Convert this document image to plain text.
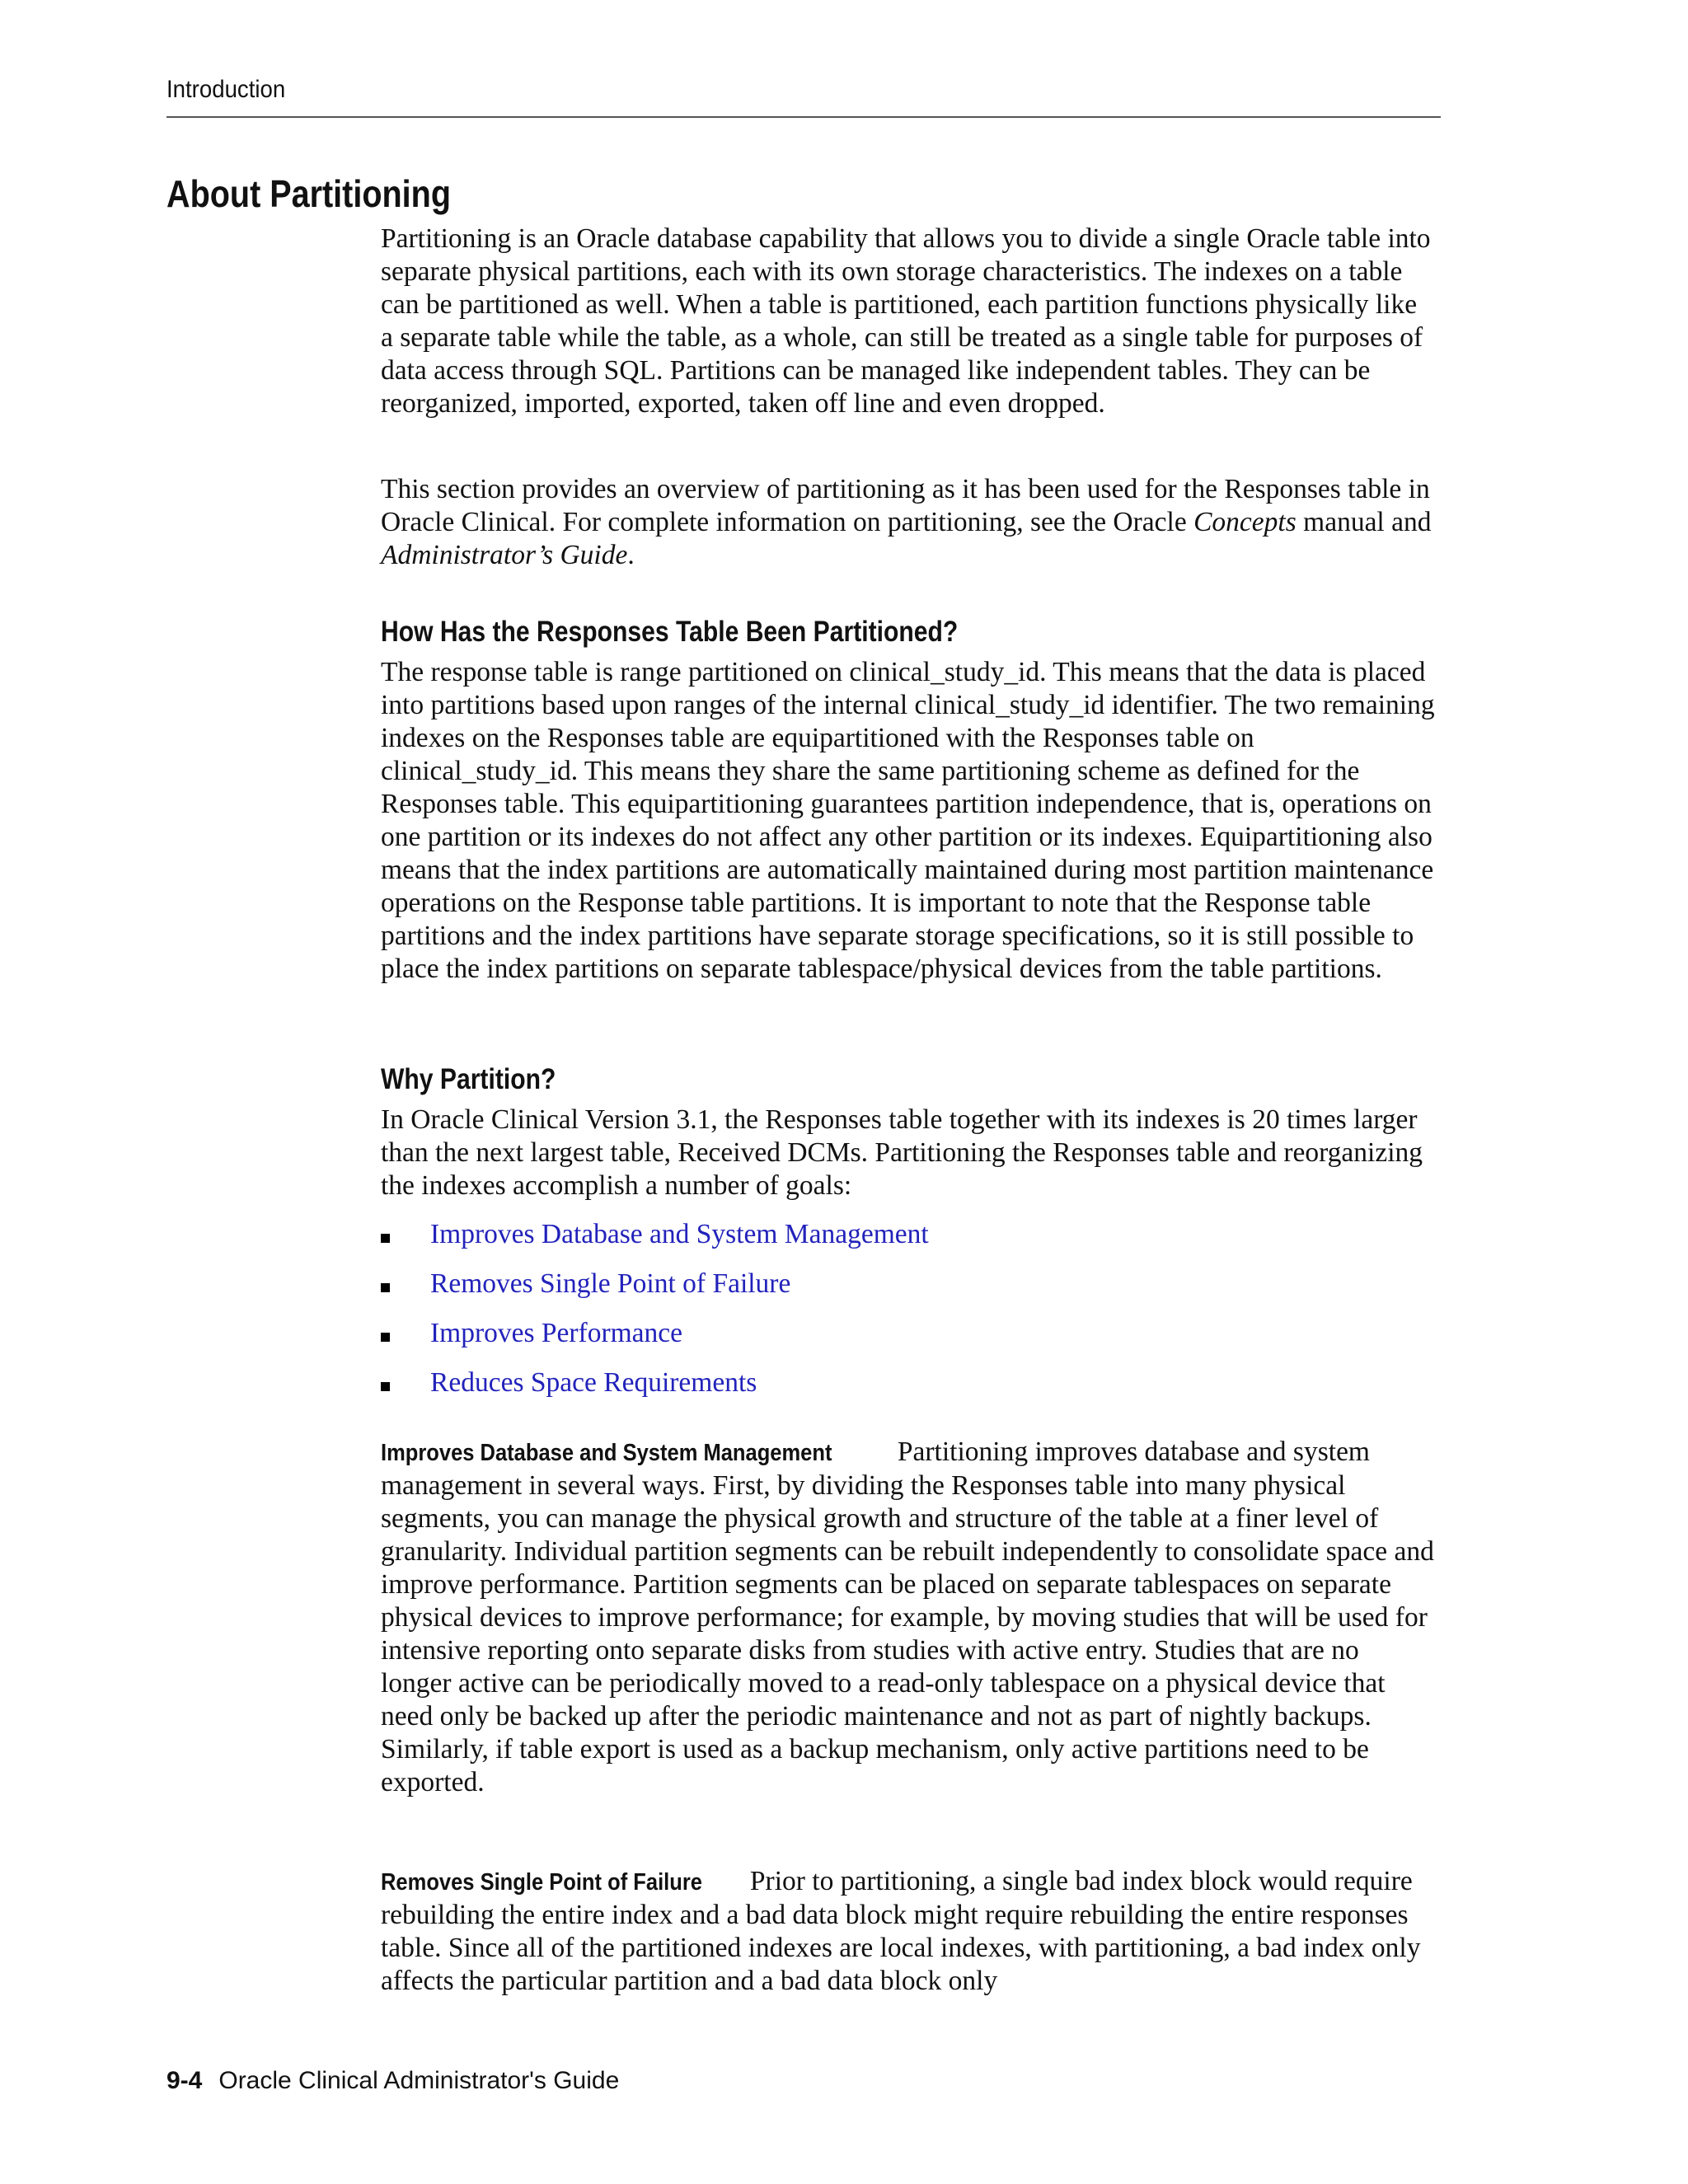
Introduction
About Partitioning

Partitioning is an Oracle database capability that allows you to divide a single Oracle table into separate physical partitions, each with its own storage characteristics. The indexes on a table can be partitioned as well. When a table is partitioned, each partition functions physically like a separate table while the table, as a whole, can still be treated as a single table for purposes of data access through SQL. Partitions can be managed like independent tables. They can be reorganized, imported, exported, taken off line and even dropped.

This section provides an overview of partitioning as it has been used for the Responses table in Oracle Clinical. For complete information on partitioning, see the Oracle Concepts manual and Administrator’s Guide.

How Has the Responses Table Been Partitioned?

The response table is range partitioned on clinical_study_id. This means that the data is placed into partitions based upon ranges of the internal clinical_study_id identifier. The two remaining indexes on the Responses table are equipartitioned with the Responses table on clinical_study_id. This means they share the same partitioning scheme as defined for the Responses table. This equipartitioning guarantees partition independence, that is, operations on one partition or its indexes do not affect any other partition or its indexes. Equipartitioning also means that the index partitions are automatically maintained during most partition maintenance operations on the Response table partitions. It is important to note that the Response table partitions and the index partitions have separate storage specifications, so it is still possible to place the index partitions on separate tablespace/physical devices from the table partitions.

Why Partition?

In Oracle Clinical Version 3.1, the Responses table together with its indexes is 20 times larger than the next largest table, Received DCMs. Partitioning the Responses table and reorganizing the indexes accomplish a number of goals:

Improves Database and System Management
Removes Single Point of Failure
Improves Performance
Reduces Space Requirements

Improves Database and System Management Partitioning improves database and system management in several ways. First, by dividing the Responses table into many physical segments, you can manage the physical growth and structure of the table at a finer level of granularity. Individual partition segments can be rebuilt independently to consolidate space and improve performance. Partition segments can be placed on separate tablespaces on separate physical devices to improve performance; for example, by moving studies that will be used for intensive reporting onto separate disks from studies with active entry. Studies that are no longer active can be periodically moved to a read-only tablespace on a physical device that need only be backed up after the periodic maintenance and not as part of nightly backups. Similarly, if table export is used as a backup mechanism, only active partitions need to be exported.

Removes Single Point of Failure Prior to partitioning, a single bad index block would require rebuilding the entire index and a bad data block might require rebuilding the entire responses table. Since all of the partitioned indexes are local indexes, with partitioning, a bad index only affects the particular partition and a bad data block only

9-4 Oracle Clinical Administrator's Guide
